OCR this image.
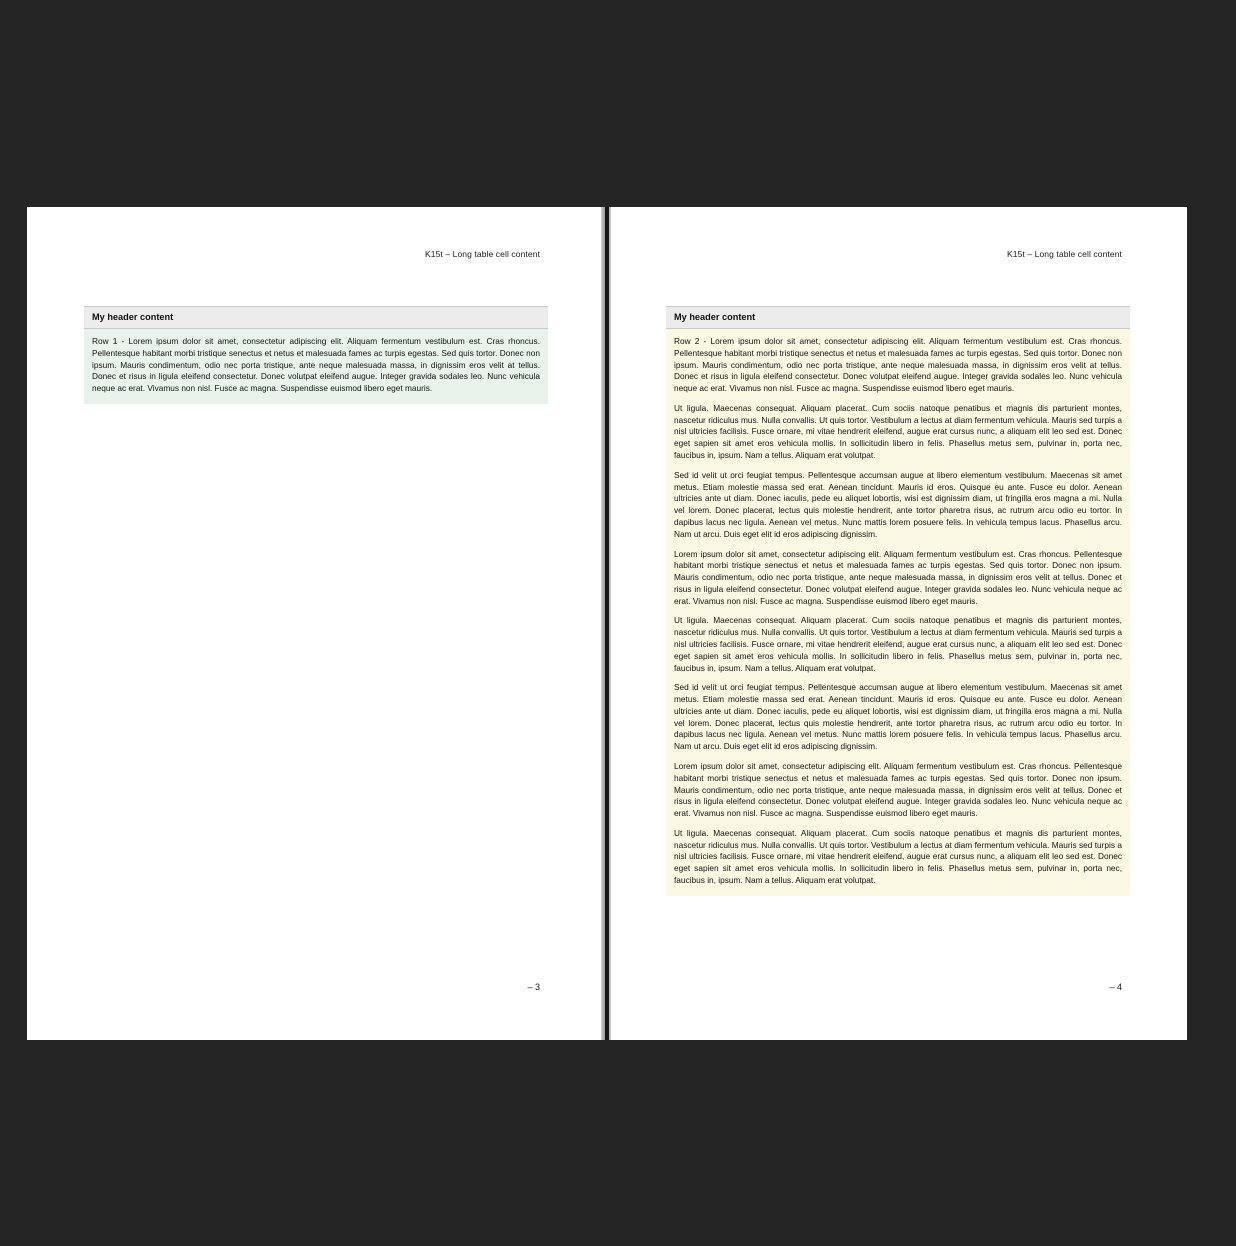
K15t – Long table cell content
My header content

Row 1 - Lorem ipsum dolor sit amet, consectetur adipiscing elit. Aliquam fermentum vestibulum est. Cras rhoncus. Pellentesque habitant morbi tristique senectus et netus et malesuada fames ac turpis egestas. Sed quis tortor. Donec non ipsum. Mauris condimentum, odio nec porta tristique, ante neque malesuada massa, in dignissim eros velit at tellus. Donec et risus in ligula eleifend consectetur. Donec volutpat eleifend augue. Integer gravida sodales leo. Nunc vehicula neque ac erat. Vivamus non nisl. Fusce ac magna. Suspendisse euismod libero eget mauris.

– 3
K15t – Long table cell content
My header content

Row 2 - Lorem ipsum dolor sit amet, consectetur adipiscing elit. Aliquam fermentum vestibulum est. Cras rhoncus. Pellentesque habitant morbi tristique senectus et netus et malesuada fames ac turpis egestas. Sed quis tortor. Donec non ipsum. Mauris condimentum, odio nec porta tristique, ante neque malesuada massa, in dignissim eros velit at tellus. Donec et risus in ligula eleifend consectetur. Donec volutpat eleifend augue. Integer gravida sodales leo. Nunc vehicula neque ac erat. Vivamus non nisl. Fusce ac magna. Suspendisse euismod libero eget mauris.

Ut ligula. Maecenas consequat. Aliquam placerat. Cum sociis natoque penatibus et magnis dis parturient montes, nascetur ridiculus mus. Nulla convallis. Ut quis tortor. Vestibulum a lectus at diam fermentum vehicula. Mauris sed turpis a nisl ultricies facilisis. Fusce ornare, mi vitae hendrerit eleifend, augue erat cursus nunc, a aliquam elit leo sed est. Donec eget sapien sit amet eros vehicula mollis. In sollicitudin libero in felis. Phasellus metus sem, pulvinar in, porta nec, faucibus in, ipsum. Nam a tellus. Aliquam erat volutpat.

Sed id velit ut orci feugiat tempus. Pellentesque accumsan augue at libero elementum vestibulum. Maecenas sit amet metus. Etiam molestie massa sed erat. Aenean tincidunt. Mauris id eros. Quisque eu ante. Fusce eu dolor. Aenean ultricies ante ut diam. Donec iaculis, pede eu aliquet lobortis, wisi est dignissim diam, ut fringilla eros magna a mi. Nulla vel lorem. Donec placerat, lectus quis molestie hendrerit, ante tortor pharetra risus, ac rutrum arcu odio eu tortor. In dapibus lacus nec ligula. Aenean vel metus. Nunc mattis lorem posuere felis. In vehicula tempus lacus. Phasellus arcu. Nam ut arcu. Duis eget elit id eros adipiscing dignissim.

Lorem ipsum dolor sit amet, consectetur adipiscing elit. Aliquam fermentum vestibulum est. Cras rhoncus. Pellentesque habitant morbi tristique senectus et netus et malesuada fames ac turpis egestas. Sed quis tortor. Donec non ipsum. Mauris condimentum, odio nec porta tristique, ante neque malesuada massa, in dignissim eros velit at tellus. Donec et risus in ligula eleifend consectetur. Donec volutpat eleifend augue. Integer gravida sodales leo. Nunc vehicula neque ac erat. Vivamus non nisl. Fusce ac magna. Suspendisse euismod libero eget mauris.

Ut ligula. Maecenas consequat. Aliquam placerat. Cum sociis natoque penatibus et magnis dis parturient montes, nascetur ridiculus mus. Nulla convallis. Ut quis tortor. Vestibulum a lectus at diam fermentum vehicula. Mauris sed turpis a nisl ultricies facilisis. Fusce ornare, mi vitae hendrerit eleifend, augue erat cursus nunc, a aliquam elit leo sed est. Donec eget sapien sit amet eros vehicula mollis. In sollicitudin libero in felis. Phasellus metus sem, pulvinar in, porta nec, faucibus in, ipsum. Nam a tellus. Aliquam erat volutpat.

Sed id velit ut orci feugiat tempus. Pellentesque accumsan augue at libero elementum vestibulum. Maecenas sit amet metus. Etiam molestie massa sed erat. Aenean tincidunt. Mauris id eros. Quisque eu ante. Fusce eu dolor. Aenean ultricies ante ut diam. Donec iaculis, pede eu aliquet lobortis, wisi est dignissim diam, ut fringilla eros magna a mi. Nulla vel lorem. Donec placerat, lectus quis molestie hendrerit, ante tortor pharetra risus, ac rutrum arcu odio eu tortor. In dapibus lacus nec ligula. Aenean vel metus. Nunc mattis lorem posuere felis. In vehicula tempus lacus. Phasellus arcu. Nam ut arcu. Duis eget elit id eros adipiscing dignissim.

Lorem ipsum dolor sit amet, consectetur adipiscing elit. Aliquam fermentum vestibulum est. Cras rhoncus. Pellentesque habitant morbi tristique senectus et netus et malesuada fames ac turpis egestas. Sed quis tortor. Donec non ipsum. Mauris condimentum, odio nec porta tristique, ante neque malesuada massa, in dignissim eros velit at tellus. Donec et risus in ligula eleifend consectetur. Donec volutpat eleifend augue. Integer gravida sodales leo. Nunc vehicula neque ac erat. Vivamus non nisl. Fusce ac magna. Suspendisse euismod libero eget mauris.

Ut ligula. Maecenas consequat. Aliquam placerat. Cum sociis natoque penatibus et magnis dis parturient montes, nascetur ridiculus mus. Nulla convallis. Ut quis tortor. Vestibulum a lectus at diam fermentum vehicula. Mauris sed turpis a nisl ultricies facilisis. Fusce ornare, mi vitae hendrerit eleifend, augue erat cursus nunc, a aliquam elit leo sed est. Donec eget sapien sit amet eros vehicula mollis. In sollicitudin libero in felis. Phasellus metus sem, pulvinar in, porta nec, faucibus in, ipsum. Nam a tellus. Aliquam erat volutpat.

– 4
